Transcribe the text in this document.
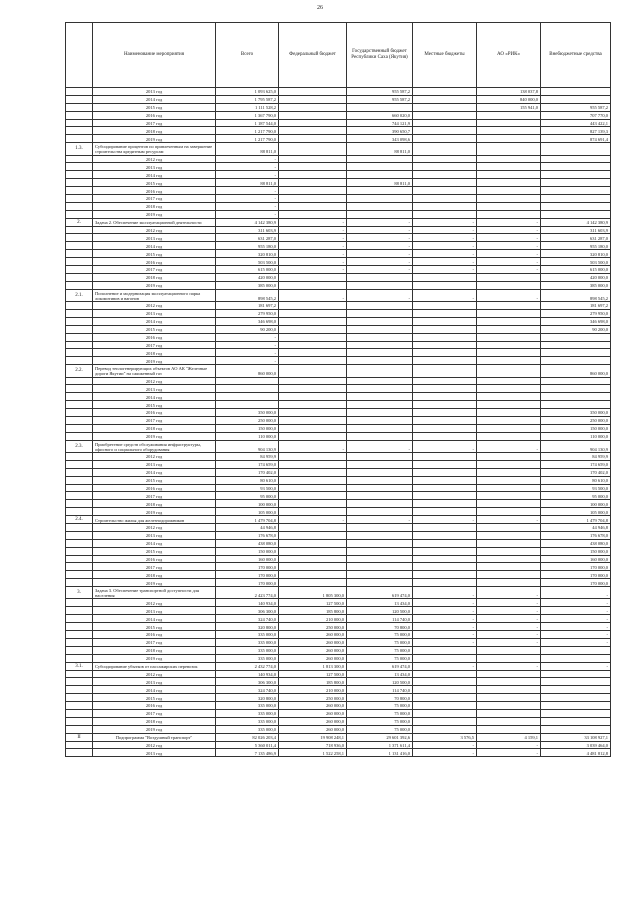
26
	Наименование мероприятия	Всего	Федеральный бюджет	Государственный бюджет Республики Саха (Якутия)	Местные бюджеты	АО «РИК»	Внебюджетные средства
	2013 год	1 093 625,0		955 587,2		138 037,8	
	2014 год	1 795 587,2		955 587,2		840 000,0	
	2015 год	1 111 528,2				155 941,0	955 587,2
	2016 год	1 367 790,0		660 020,0			707 770,0
	2017 год	1 187 544,0		744 121,9			443 422,1
	2018 год	1 217 790,0		390 650,7			827 139,3
	2019 год	1 217 790,0		343 098,6			874 691,4
1.3.	Субсидирование процентов по привлеченным на завершение строительства кредитным ресурсам	88 811,0		88 811,0			
	2012 год	-					
	2013 год	-					
	2014 год	-					
	2015 год	88 811,0		88 811,0			
	2016 год	-					
	2017 год	-					
	2018 год	-					
	2019 год	-					
2.	Задача 2. Обеспечение эксплуатационной деятельности	4 142 380,9	-	-	-	-	4 142 380,9
	2012 год	311 603,9	-	-	-	-	311 603,9
	2013 год	631 287,0	-	-	-	-	631 287,0
	2014 год	955 180,0	-	-	-	-	955 180,0
	2015 год	320 810,0	-	-	-	-	320 810,0
	2016 год	503 500,0	-	-	-	-	503 500,0
	2017 год	615 000,0	-	-	-	-	615 000,0
	2018 год	420 000,0					420 000,0
	2019 год	385 000,0					385 000,0
2.1.	Пополнение и модернизация эксплуатационного парка локомотивов и вагонов	898 545,2	-	-	-	-	898 545,2
	2012 год	181 697,2					181 697,2
	2013 год	279 950,0					279 950,0
	2014 год	346 698,0					346 698,0
	2015 год	90 200,0					90 200,0
	2016 год	-					
	2017 год	-					
	2018 год	-					
	2019 год	-					
2.2.	Перевод теплогенерирующих объектов АО АК "Железные дороги Якутии" на сжиженный газ	860 000,0					860 000,0
	2012 год						
	2013 год						
	2014 год						
	2015 год						
	2016 год	350 000,0					350 000,0
	2017 год	250 000,0					250 000,0
	2018 год	150 000,0					150 000,0
	2019 год	110 000,0					110 000,0
2.3.	Приобретение средств обслуживания инфраструктуры, офисного и социального оборудования	904 130,9	-	-	-	-	904 130,9
	2012 год	84 959,9					84 959,9
	2013 год	174 659,0					174 659,0
	2014 год	170 402,0					170 402,0
	2015 год	80 610,0					80 610,0
	2016 год	93 500,0					93 500,0
	2017 год	95 000,0					95 000,0
	2018 год	100 000,0					100 000,0
	2019 год	105 000,0					105 000,0
2.4.	Строительство жилья для железнодорожников	1 479 704,8	-	-	-	-	1 479 704,8
	2012 год	44 946,8					44 946,8
	2013 год	176 678,0					176 678,0
	2014 год	438 080,0					438 080,0
	2015 год	150 000,0					150 000,0
	2016 год	160 000,0					160 000,0
	2017 год	170 000,0					170 000,0
	2018 год	170 000,0					170 000,0
	2019 год	170 000,0					170 000,0
3.	Задача 3. Обеспечение транспортной доступности для населения	2 423 774,0	1 805 300,0	619 474,0	-	-	-
	2012 год	140 934,0	127 500,0	13 434,0	-	-	-
	2013 год	306 300,0	185 800,0	120 500,0	-	-	-
	2014 год	324 740,0	210 000,0	114 740,0	-	-	-
	2015 год	320 800,0	250 000,0	70 800,0	-	-	-
	2016 год	335 000,0	260 000,0	75 000,0	-	-	-
	2017 год	335 000,0	260 000,0	75 000,0	-	-	-
	2018 год	335 000,0	260 000,0	75 000,0			
	2019 год	335 000,0	260 000,0	75 000,0			
3.1.	Субсидирование убытков от пассажирских перевозок	2 432 774,0	1 813 300,0	619 474,0	-	-	-
	2012 год	140 934,0	127 500,0	13 434,0			
	2013 год	306 300,0	185 800,0	120 500,0			
	2014 год	324 740,0	210 000,0	114 740,0			
	2015 год	320 800,0	250 000,0	70 800,0			
	2016 год	335 000,0	260 000,0	75 000,0			
	2017 год	335 000,0	260 000,0	75 000,0			
	2018 год	335 000,0	260 000,0	75 000,0			
	2019 год	335 000,0	260 000,0	75 000,0			
II	Подпрограмма "Воздушный транспорт"	82 026 203,4	19 908 248,1	29 601 392,6	3 576,5	4 159,1	33 108 927,1
	2012 год	5 360 011,4	718 936,0	1 371 611,4	-	-	3 039 464,0
	2013 год	7 135 486,9	1 522 258,1	1 131 416,0	-	-	4 481 812,8
